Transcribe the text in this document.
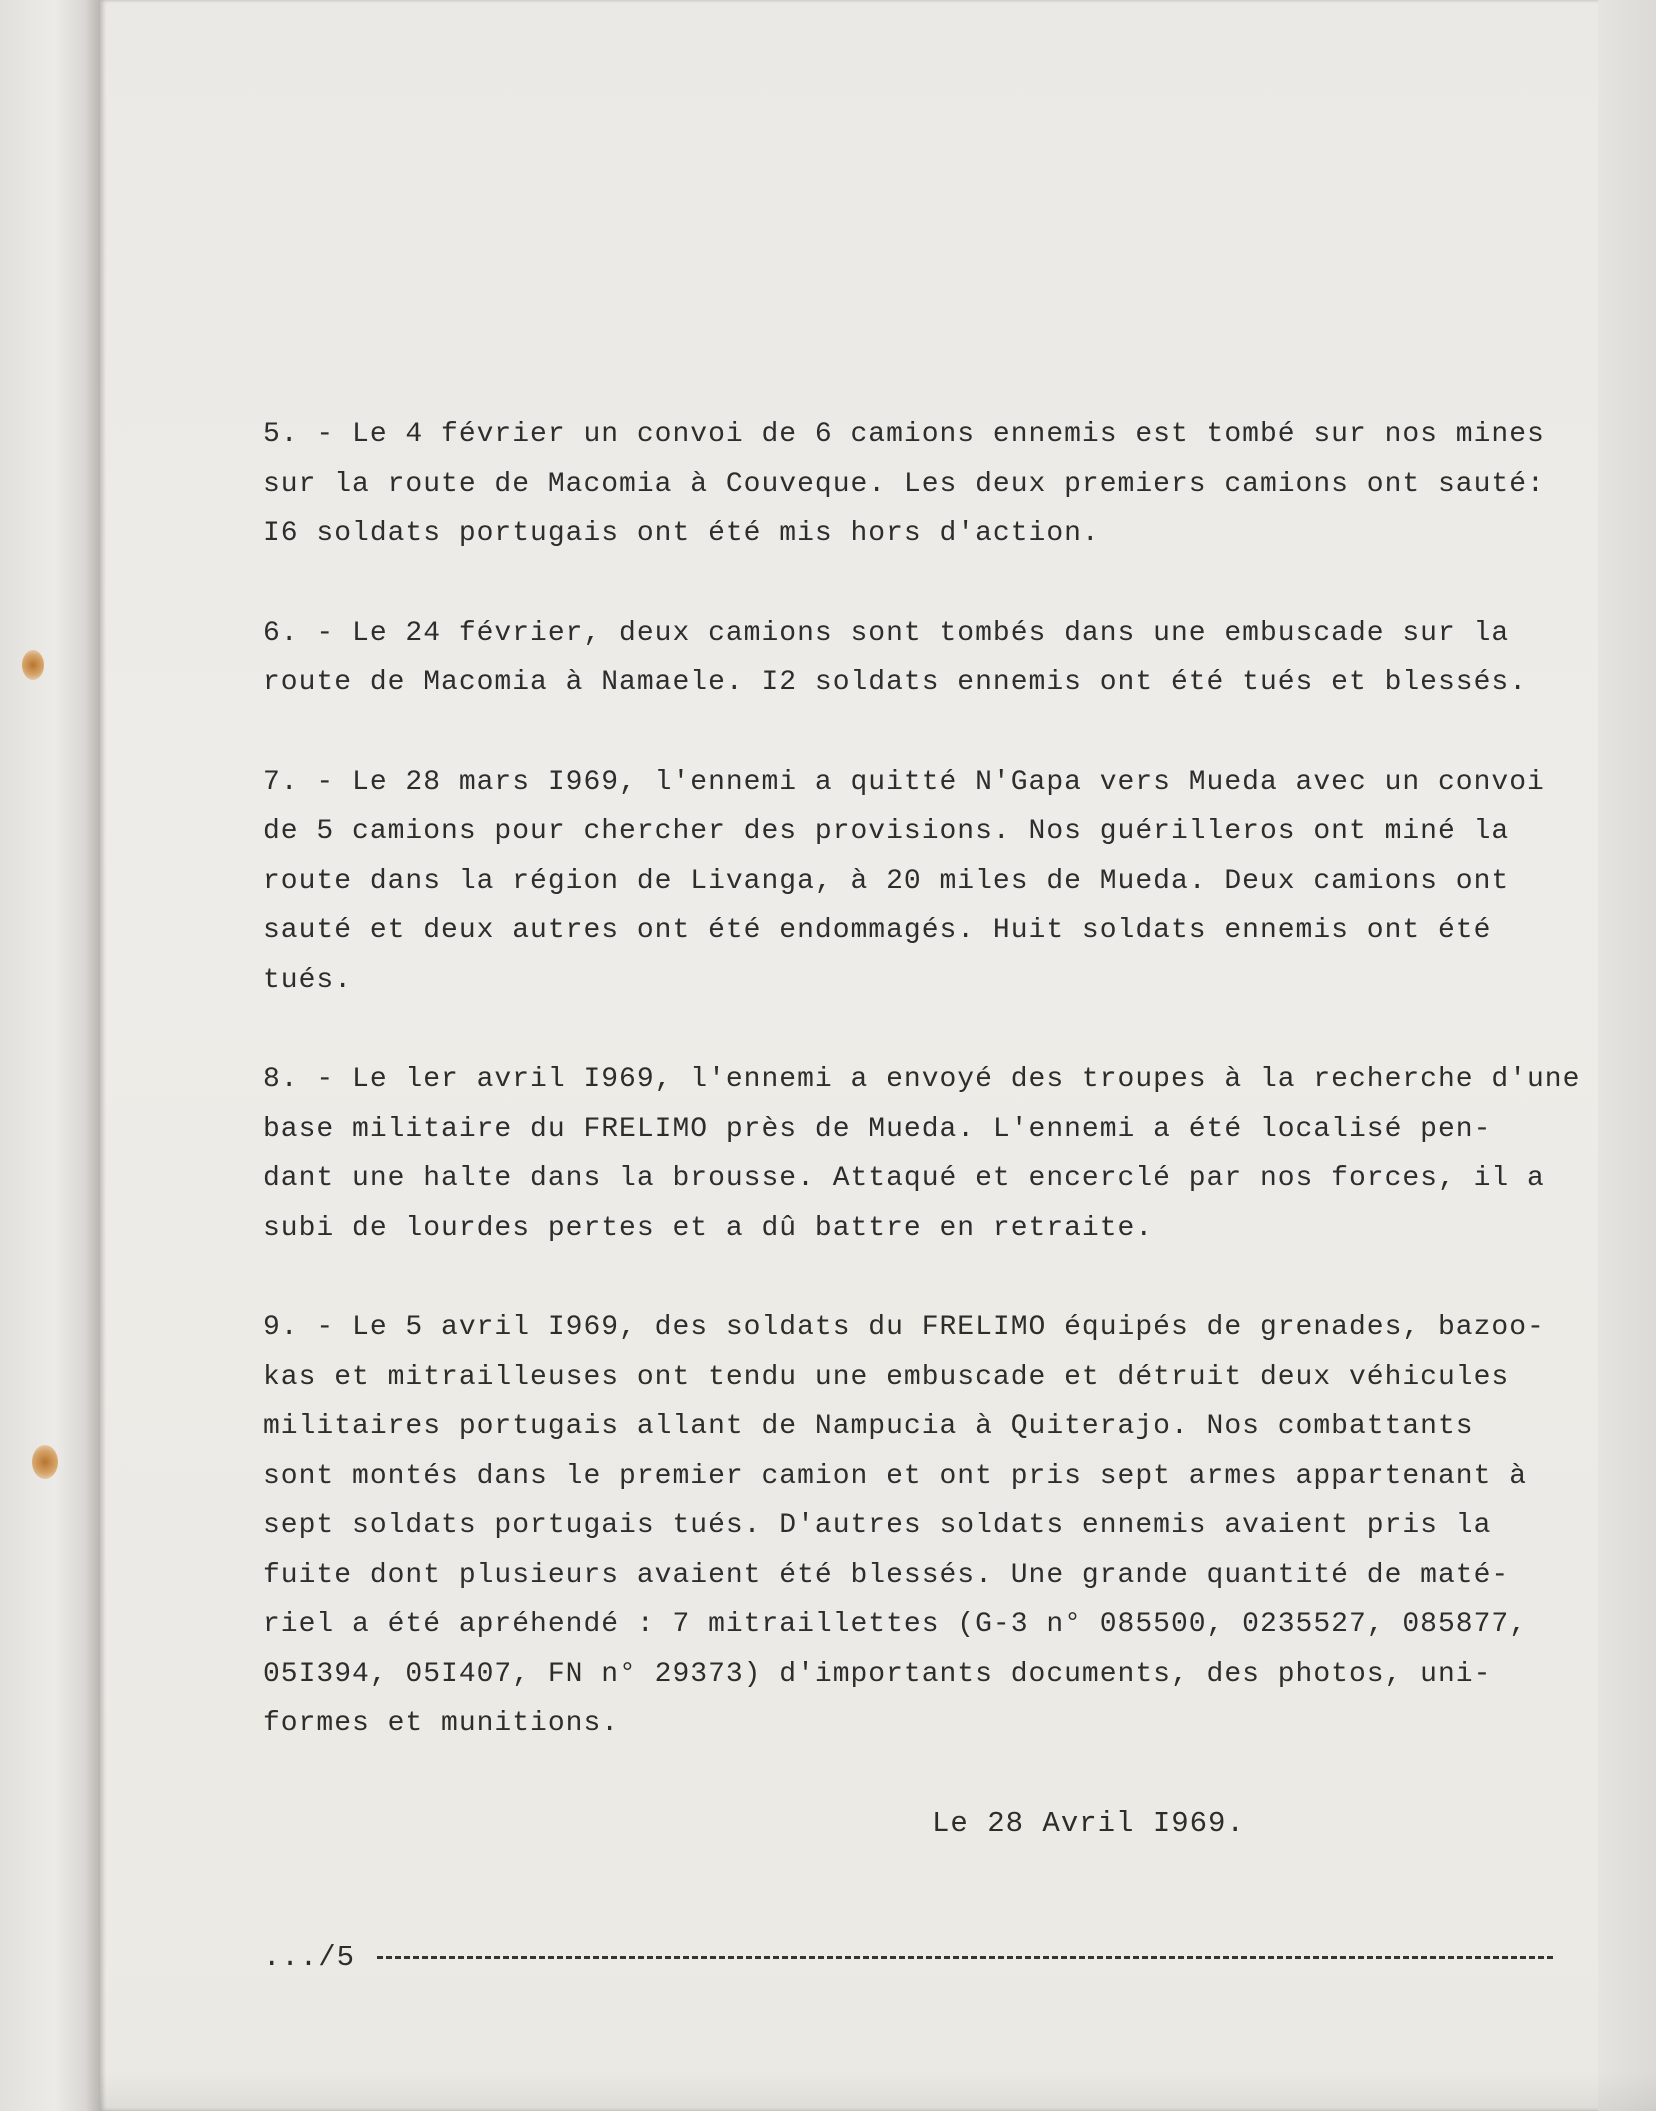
5. - Le 4 février un convoi de 6 camions ennemis est tombé sur nos mines
sur la route de Macomia à Couveque. Les deux premiers camions ont sauté:
I6 soldats portugais ont été mis hors d'action.

6. - Le 24 février, deux camions sont tombés dans une embuscade sur la
route de Macomia à Namaele. I2 soldats ennemis ont été tués et blessés.

7. - Le 28 mars I969, l'ennemi a quitté N'Gapa vers Mueda avec un convoi
de 5 camions pour chercher des provisions. Nos guérilleros ont miné la
route dans la région de Livanga, à 20 miles de Mueda. Deux camions ont
sauté et deux autres ont été endommagés. Huit soldats ennemis ont été
tués.

8. - Le ler avril I969, l'ennemi a envoyé des troupes à la recherche d'une
base militaire du FRELIMO près de Mueda. L'ennemi a été localisé pen-
dant une halte dans la brousse. Attaqué et encerclé par nos forces, il a
subi de lourdes pertes et a dû battre en retraite.

9. - Le 5 avril I969, des soldats du FRELIMO équipés de grenades, bazoo-
kas et mitrailleuses ont tendu une embuscade et détruit deux véhicules
militaires portugais allant de Nampucia à Quiterajo. Nos combattants
sont montés dans le premier camion et ont pris sept armes appartenant à
sept soldats portugais tués. D'autres soldats ennemis avaient pris la
fuite dont plusieurs avaient été blessés. Une grande quantité de maté-
riel a été apréhendé : 7 mitraillettes (G-3 n° 085500, 0235527, 085877,
05I394, 05I407, FN n° 29373) d'importants documents, des photos, uni-
formes et munitions.

Le 28 Avril I969.
.../5
